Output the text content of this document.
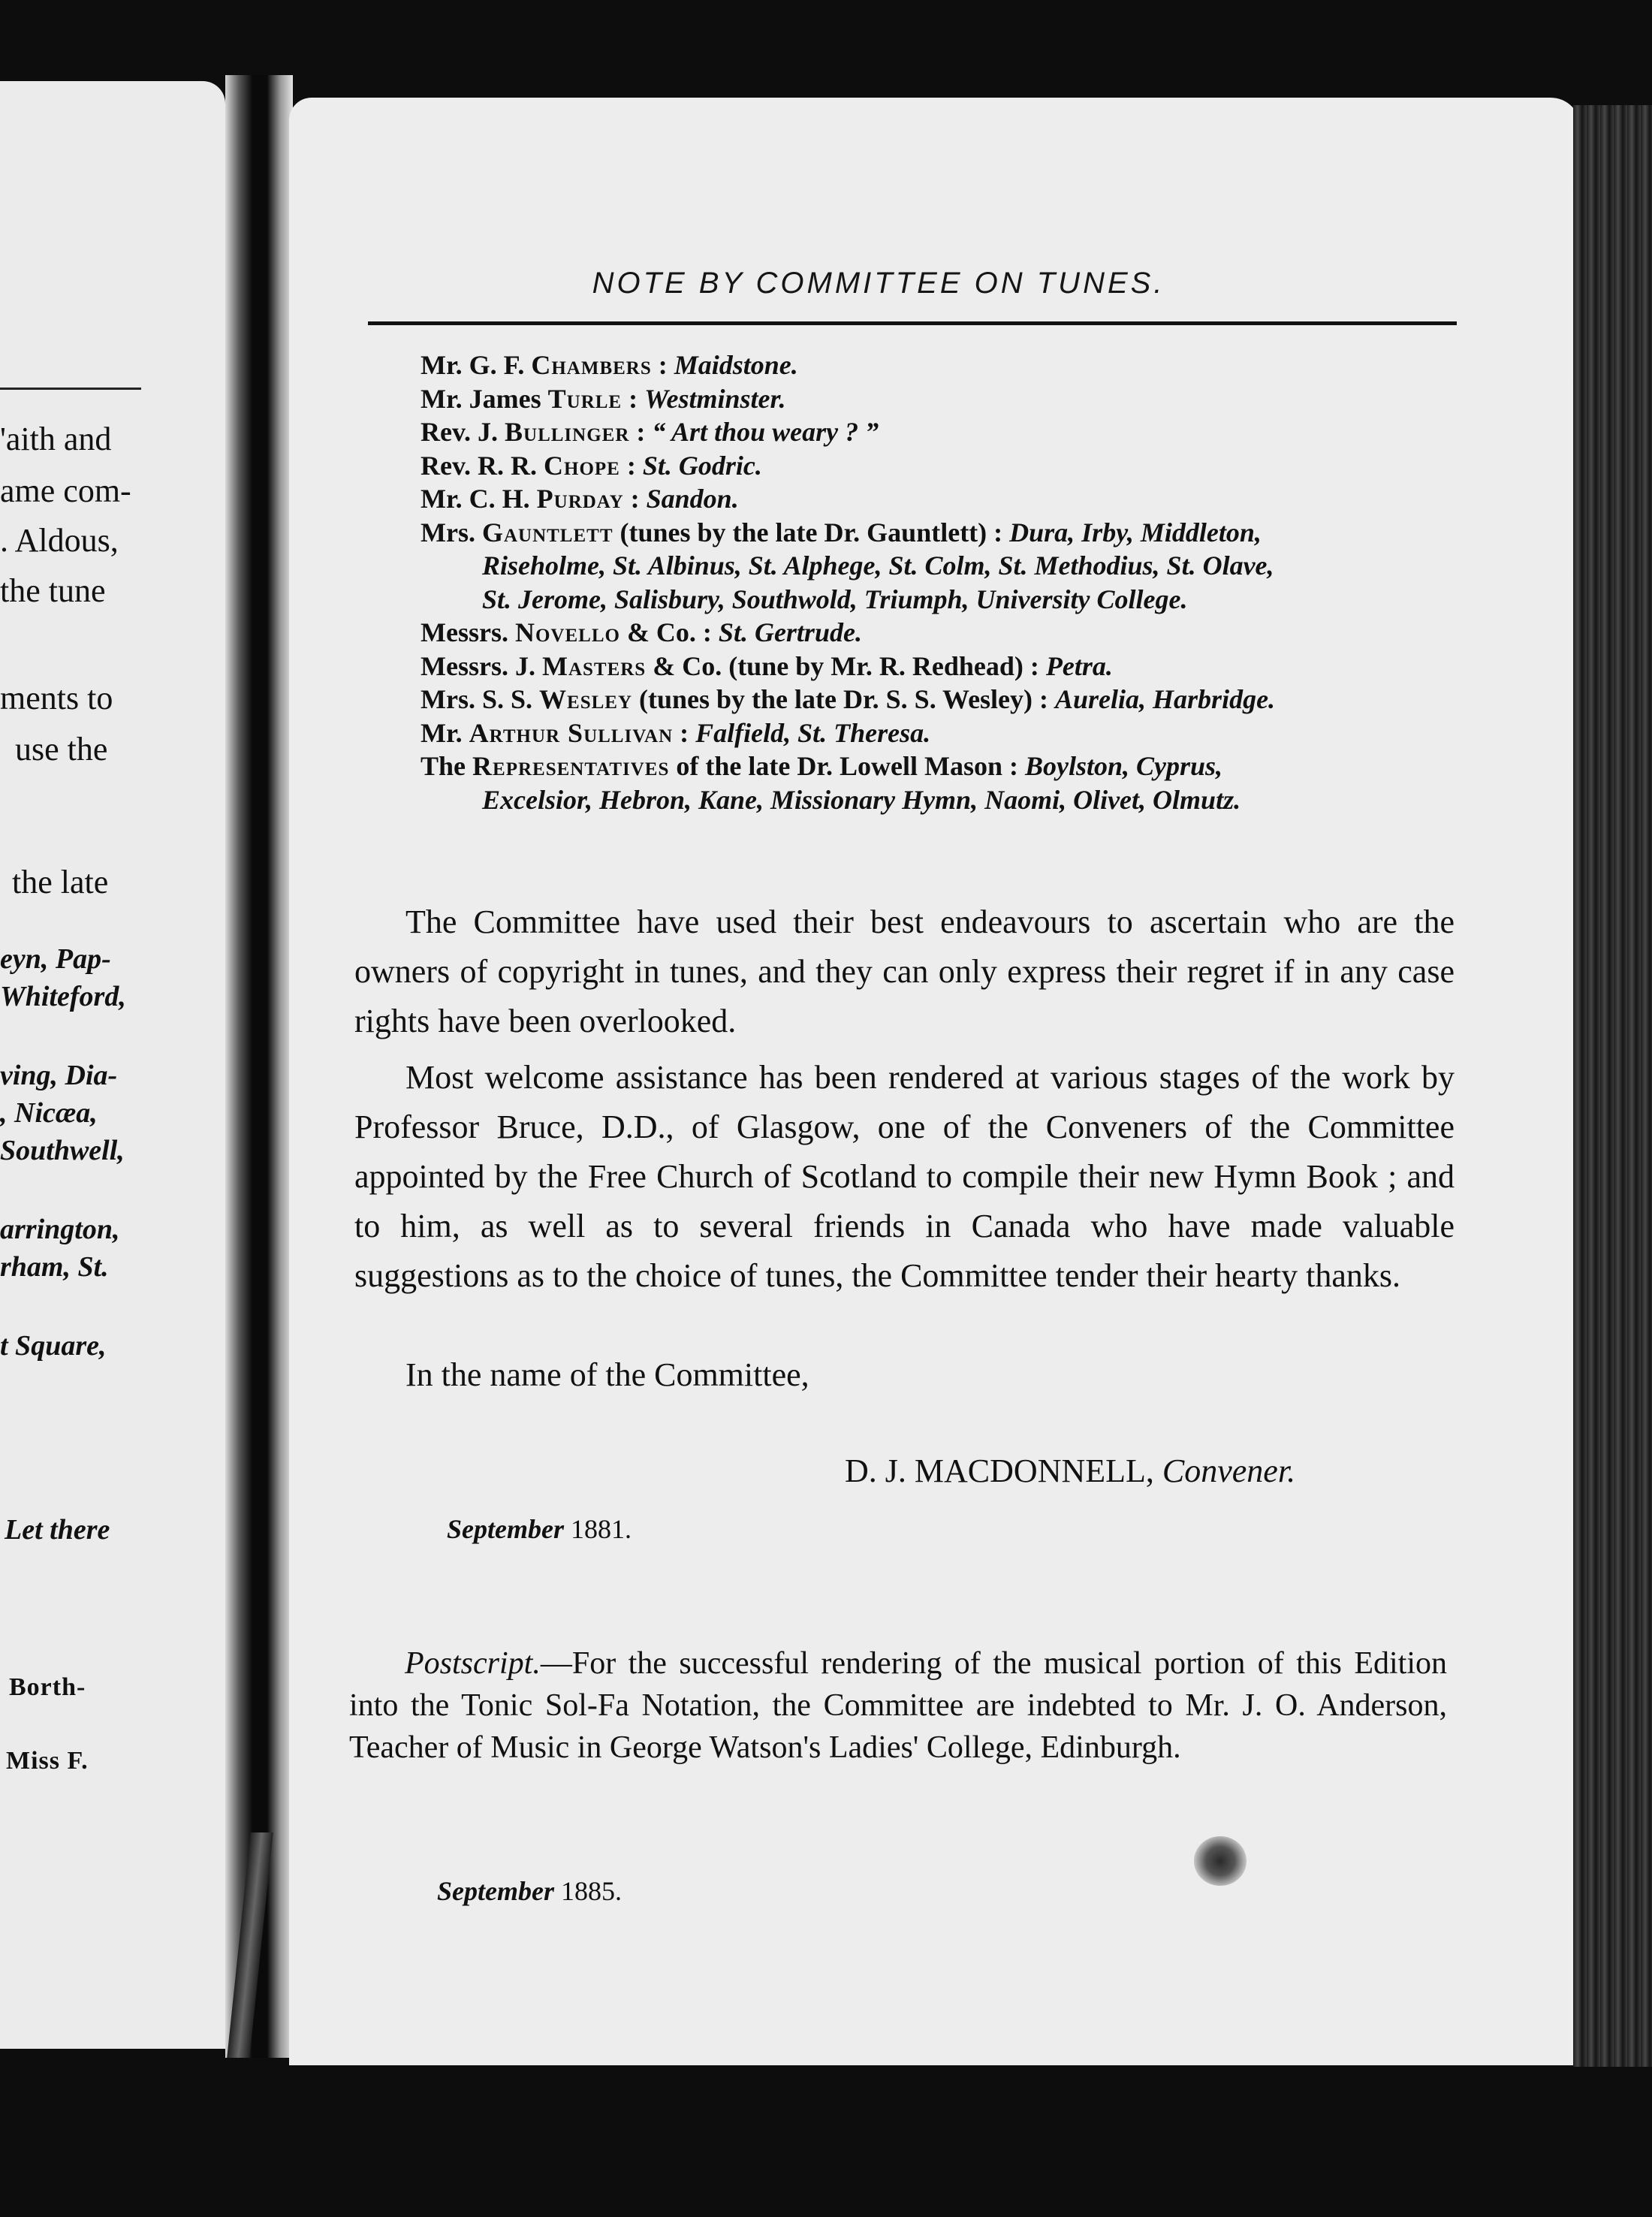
'aith and
ame com-
. Aldous,
the tune
ments to
use the
the late
eyn, Pap-
Whiteford,
ving, Dia-
, Nicæa,
Southwell,
arrington,
rham, St.
t Square,
Let there
Borth-
Miss F.
NOTE BY COMMITTEE ON TUNES.
Mr. G. F. Chambers : Maidstone.
Mr. James Turle : Westminster.
Rev. J. Bullinger : “ Art thou weary ? ”
Rev. R. R. Chope : St. Godric.
Mr. C. H. Purday : Sandon.
Mrs. Gauntlett (tunes by the late Dr. Gauntlett) : Dura, Irby, Middleton,
Riseholme, St. Albinus, St. Alphege, St. Colm, St. Methodius, St. Olave,
St. Jerome, Salisbury, Southwold, Triumph, University College.
Messrs. Novello & Co. : St. Gertrude.
Messrs. J. Masters & Co. (tune by Mr. R. Redhead) : Petra.
Mrs. S. S. Wesley (tunes by the late Dr. S. S. Wesley) : Aurelia, Harbridge.
Mr. Arthur Sullivan : Falfield, St. Theresa.
The Representatives of the late Dr. Lowell Mason : Boylston, Cyprus,
Excelsior, Hebron, Kane, Missionary Hymn, Naomi, Olivet, Olmutz.

The Committee have used their best endeavours to ascertain who are the owners of copyright in tunes, and they can only express their regret if in any case rights have been overlooked.

Most welcome assistance has been rendered at various stages of the work by Professor Bruce, D.D., of Glasgow, one of the Conveners of the Committee appointed by the Free Church of Scotland to compile their new Hymn Book ; and to him, as well as to several friends in Canada who have made valuable suggestions as to the choice of tunes, the Committee tender their hearty thanks.

In the name of the Committee,
D. J. MACDONNELL, Convener.
September 1881.
Postscript.—For the successful rendering of the musical portion of this Edition into the Tonic Sol-Fa Notation, the Committee are indebted to Mr. J. O. Anderson, Teacher of Music in George Watson's Ladies' College, Edinburgh.
September 1885.
